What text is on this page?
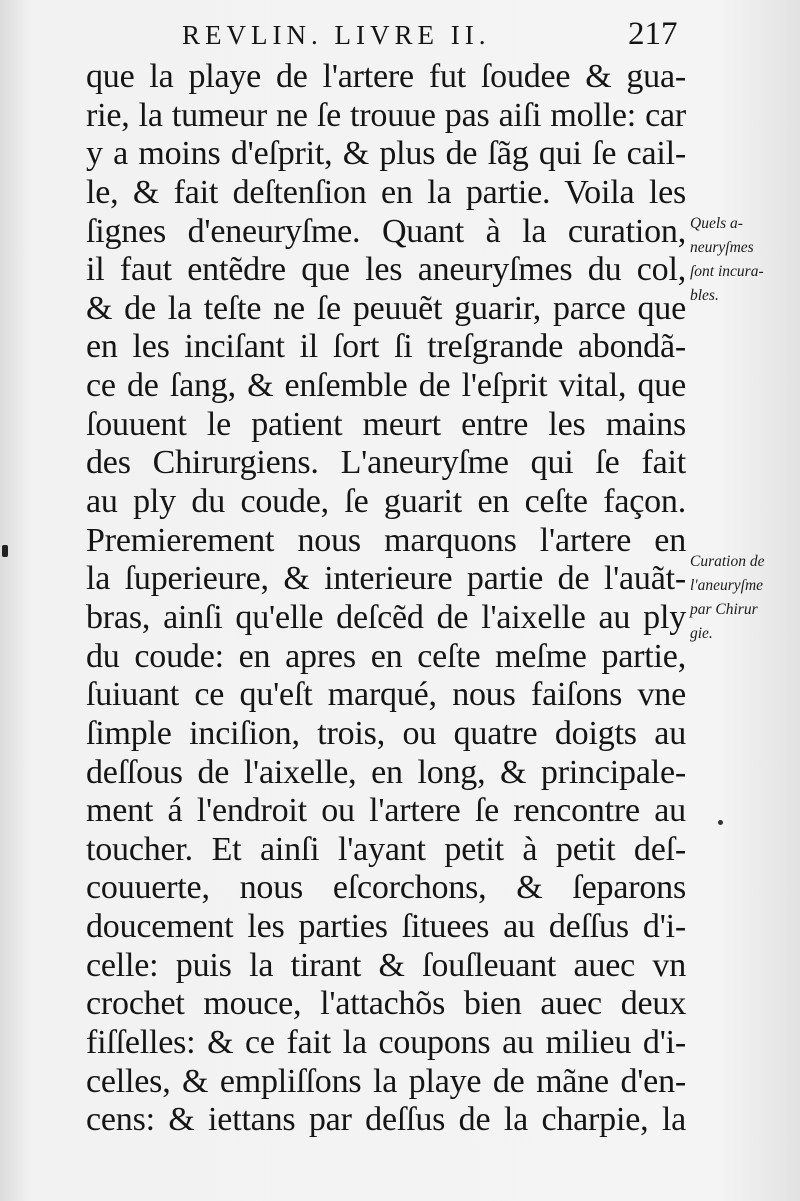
REVLIN. LIVRE II.	217
que la playe de l'artere fut ſoudee & gua-
rie, la tumeur ne ſe trouue pas aiſi molle: car
y a moins d'eſprit, & plus de ſãg qui ſe cail-
le, & fait deſtenſion en la partie. Voila les
ſignes d'eneuryſme. Quant à la curation,
il faut entẽdre que les aneuryſmes du col,
& de la teſte ne ſe peuuẽt guarir, parce que
en les inciſant il ſort ſi treſgrande abondã-
ce de ſang, & enſemble de l'eſprit vital, que
ſouuent le patient meurt entre les mains
des Chirurgiens. L'aneuryſme qui ſe fait
au ply du coude, ſe guarit en ceſte façon.
Premierement nous marquons l'artere en
la ſuperieure, & interieure partie de l'auãt-
bras, ainſi qu'elle deſcẽd de l'aixelle au ply
du coude: en apres en ceſte meſme partie,
ſuiuant ce qu'eſt marqué, nous faiſons vne
ſimple inciſion, trois, ou quatre doigts au
deſſous de l'aixelle, en long, & principale-
ment á l'endroit ou l'artere ſe rencontre au
toucher. Et ainſi l'ayant petit à petit deſ-
couuerte, nous eſcorchons, & ſeparons
doucement les parties ſituees au deſſus d'i-
celle: puis la tirant & ſouſleuant auec vn
crochet mouce, l'attachõs bien auec deux
fiſſelles: & ce fait la coupons au milieu d'i-
celles, & empliſſons la playe de mãne d'en-
cens: & iettans par deſſus de la charpie, la
Quels a-
neuryſmes
ſont incura-
bles.
Curation de
l'aneuryſme
par Chirur
gie.
